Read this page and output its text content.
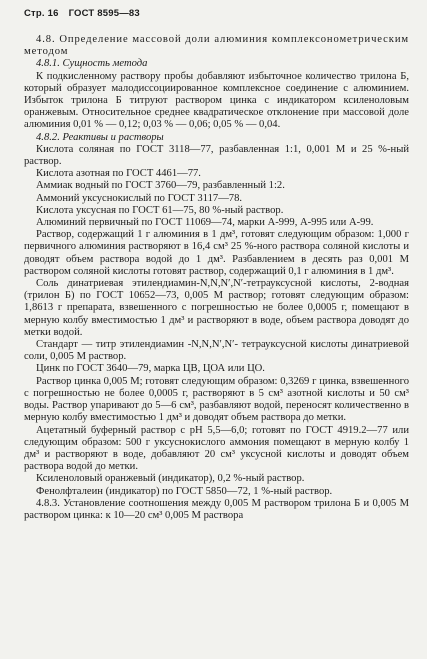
Стр. 16 ГОСТ 8595—83

4.8. Определение массовой доли алюминия комплексонометрическим методом

4.8.1. Сущность метода

К подкисленному раствору пробы добавляют избыточное количество трилона Б, который образует малодиссоциированное комплексное соединение с алюминием. Избыток трилона Б титруют раствором цинка с индикатором ксиленоловым оранжевым. Относительное среднее квадратическое отклонение при массовой доле алюминия 0,01 % — 0,12; 0,03 % — 0,06; 0,05 % — 0,04.

4.8.2. Реактивы и растворы

Кислота соляная по ГОСТ 3118—77, разбавленная 1:1, 0,001 М и 25 %-ный раствор.

Кислота азотная по ГОСТ 4461—77.

Аммиак водный по ГОСТ 3760—79, разбавленный 1:2.

Аммоний уксуснокислый по ГОСТ 3117—78.

Кислота уксусная по ГОСТ 61—75, 80 %-ный раствор.

Алюминий первичный по ГОСТ 11069—74, марки А-999, А-995 или А-99.

Раствор, содержащий 1 г алюминия в 1 дм³, готовят следующим образом: 1,000 г первичного алюминия растворяют в 16,4 см³ 25 %-ного раствора соляной кислоты и доводят объем раствора водой до 1 дм³. Разбавлением в десять раз 0,001 М раствором соляной кислоты готовят раствор, содержащий 0,1 г алюминия в 1 дм³.

Соль динатриевая этилендиамин-N,N,N′,N′-тетрауксусной кислоты, 2-водная (трилон Б) по ГОСТ 10652—73, 0,005 М раствор; готовят следующим образом: 1,8613 г препарата, взвешенного с погрешностью не более 0,0005 г, помещают в мерную колбу вместимостью 1 дм³ и растворяют в воде, объем раствора доводят до метки водой.

Стандарт — титр этилендиамин -N,N,N′,N′- тетрауксусной кислоты динатриевой соли, 0,005 М раствор.

Цинк по ГОСТ 3640—79, марка ЦВ, ЦОА или ЦО.

Раствор цинка 0,005 М; готовят следующим образом: 0,3269 г цинка, взвешенного с погрешностью не более 0,0005 г, растворяют в 5 см³ азотной кислоты и 50 см³ воды. Раствор упаривают до 5—6 см³, разбавляют водой, переносят количественно в мерную колбу вместимостью 1 дм³ и доводят объем раствора до метки.

Ацетатный буферный раствор с рН 5,5—6,0; готовят по ГОСТ 4919.2—77 или следующим образом: 500 г уксуснокислого аммония помещают в мерную колбу 1 дм³ и растворяют в воде, добавляют 20 см³ уксусной кислоты и доводят объем раствора водой до метки.

Ксиленоловый оранжевый (индикатор), 0,2 %-ный раствор.

Фенолфталеин (индикатор) по ГОСТ 5850—72, 1 %-ный раствор.

4.8.3. Установление соотношения между 0,005 М раствором трилона Б и 0,005 М раствором цинка: к 10—20 см³ 0,005 М раствора
